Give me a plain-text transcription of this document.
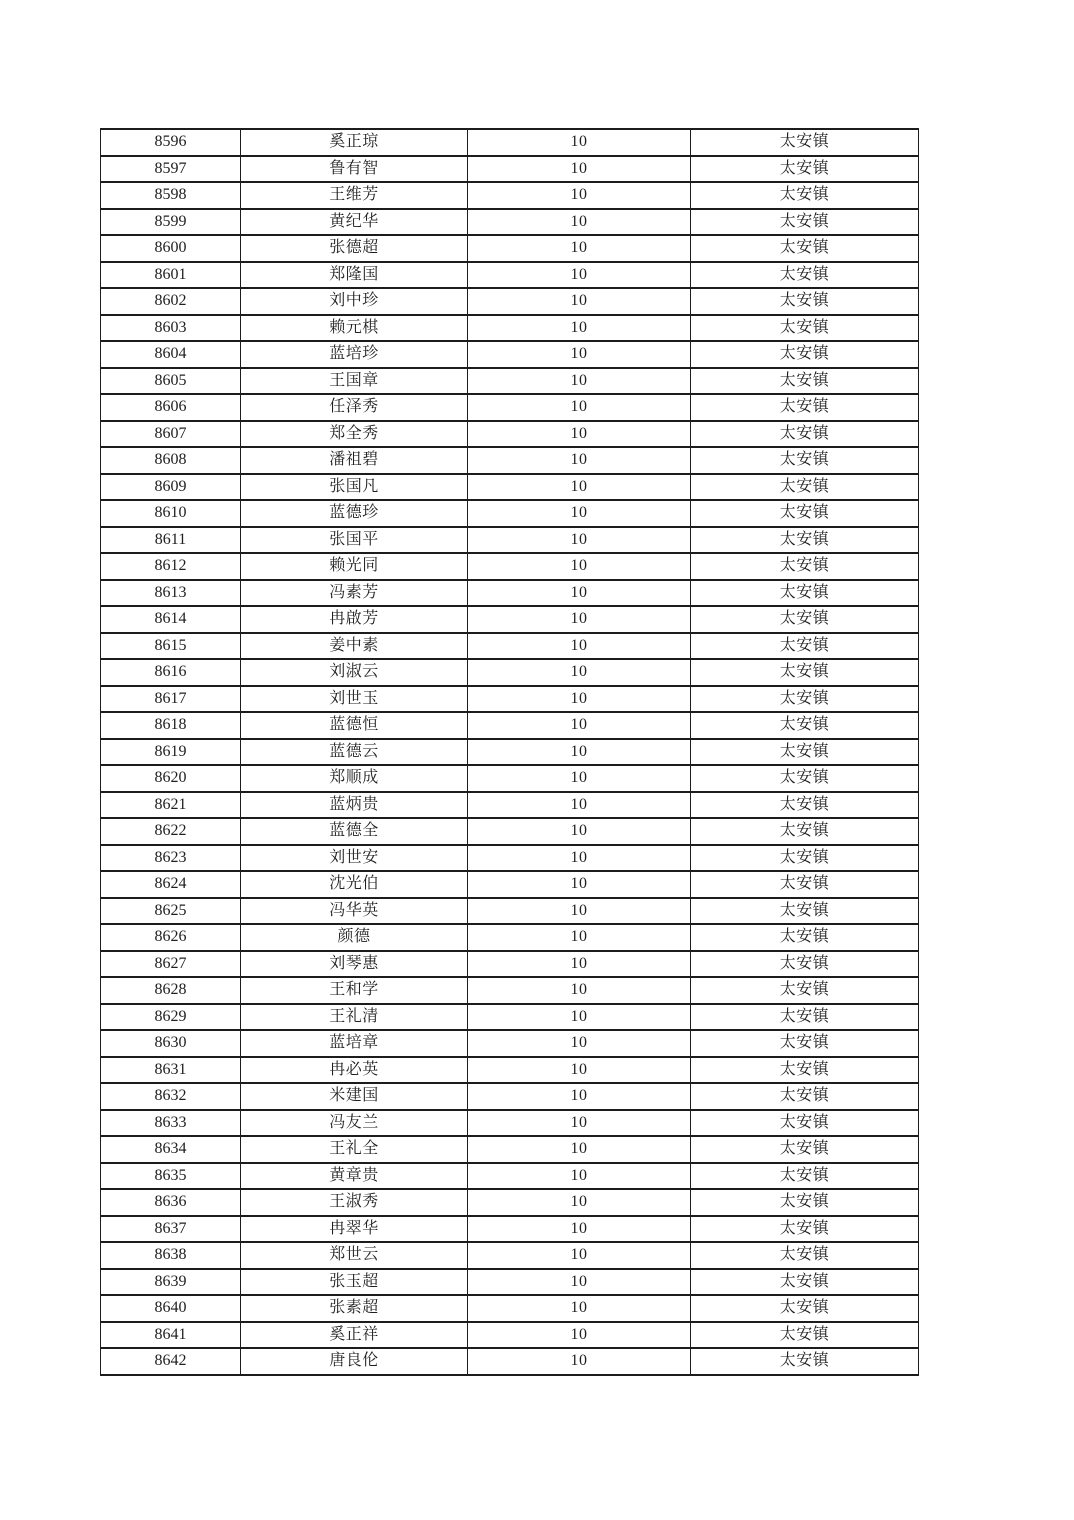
8596	奚正琼	10	太安镇
8597	鲁有智	10	太安镇
8598	王维芳	10	太安镇
8599	黄纪华	10	太安镇
8600	张德超	10	太安镇
8601	郑隆国	10	太安镇
8602	刘中珍	10	太安镇
8603	赖元棋	10	太安镇
8604	蓝培珍	10	太安镇
8605	王国章	10	太安镇
8606	任泽秀	10	太安镇
8607	郑全秀	10	太安镇
8608	潘祖碧	10	太安镇
8609	张国凡	10	太安镇
8610	蓝德珍	10	太安镇
8611	张国平	10	太安镇
8612	赖光同	10	太安镇
8613	冯素芳	10	太安镇
8614	冉啟芳	10	太安镇
8615	姜中素	10	太安镇
8616	刘淑云	10	太安镇
8617	刘世玉	10	太安镇
8618	蓝德恒	10	太安镇
8619	蓝德云	10	太安镇
8620	郑顺成	10	太安镇
8621	蓝炳贵	10	太安镇
8622	蓝德全	10	太安镇
8623	刘世安	10	太安镇
8624	沈光伯	10	太安镇
8625	冯华英	10	太安镇
8626	颜德	10	太安镇
8627	刘琴惠	10	太安镇
8628	王和学	10	太安镇
8629	王礼清	10	太安镇
8630	蓝培章	10	太安镇
8631	冉必英	10	太安镇
8632	米建国	10	太安镇
8633	冯友兰	10	太安镇
8634	王礼全	10	太安镇
8635	黄章贵	10	太安镇
8636	王淑秀	10	太安镇
8637	冉翠华	10	太安镇
8638	郑世云	10	太安镇
8639	张玉超	10	太安镇
8640	张素超	10	太安镇
8641	奚正祥	10	太安镇
8642	唐良伦	10	太安镇
